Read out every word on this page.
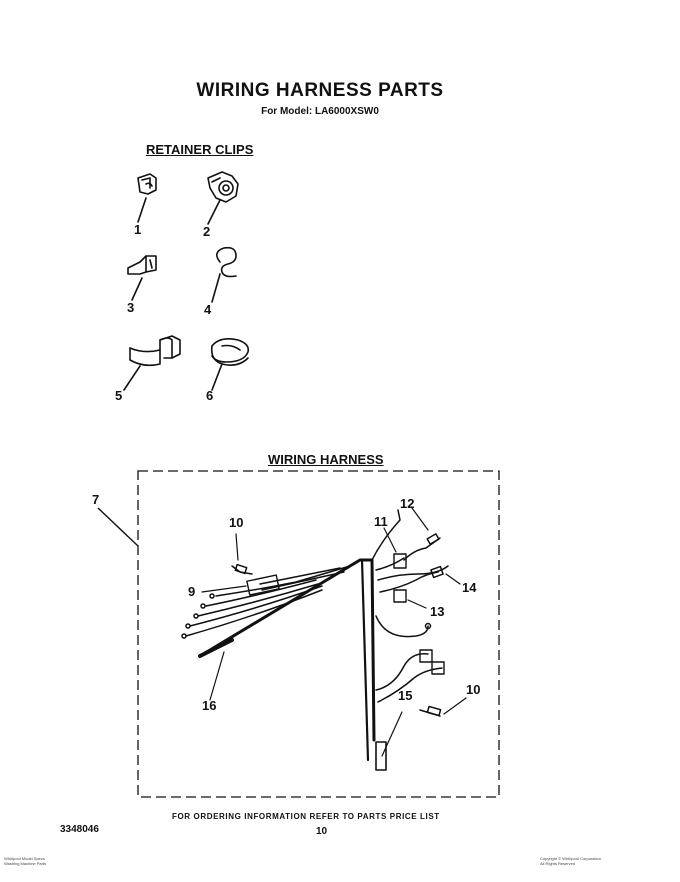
WIRING HARNESS PARTS
For Model: LA6000XSW0
RETAINER CLIPS
1	2
3	4
5	6
WIRING HARNESS
7
9
10
10
11
12
13
14
15
16
FOR ORDERING INFORMATION REFER TO PARTS PRICE LIST
3348046	10
Whirlpool Model Specs
Washing Machine Parts
Copyright © Whirlpool Corporation
All Rights Reserved
